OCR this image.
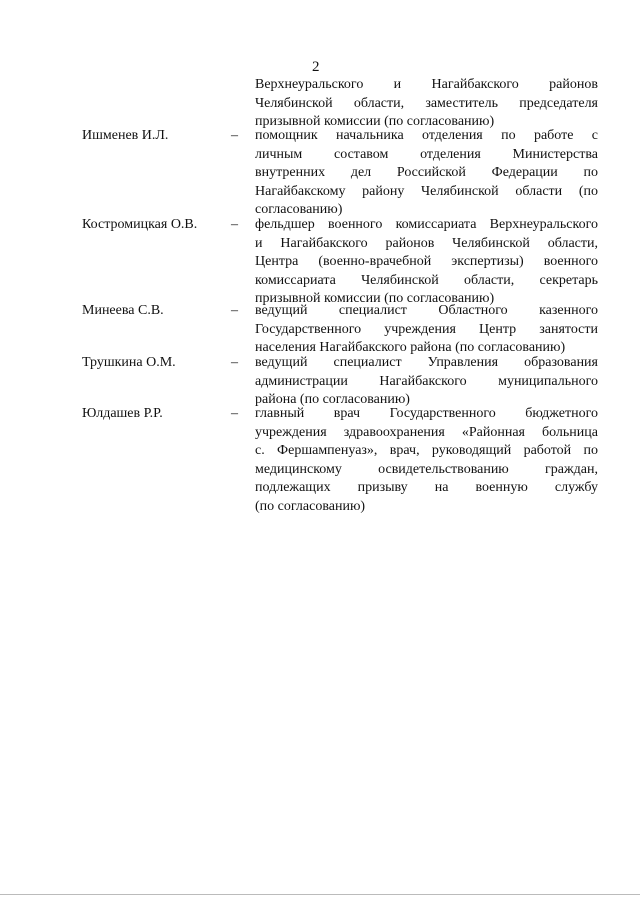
2
Верхнеуральского и Нагайбакского районов
Челябинской области, заместитель председателя
призывной комиссии (по согласованию)
Ишменев И.Л.	– помощник начальника отделения по работе с
личным составом отделения Министерства
внутренних дел Российской Федерации по
Нагайбакскому району Челябинской области (по
согласованию)
Костромицкая О.В. – фельдшер военного комиссариата Верхнеуральского
и Нагайбакского районов Челябинской области,
Центра (военно-врачебной экспертизы) военного
комиссариата Челябинской области, секретарь
призывной комиссии (по согласованию)
Минеева С.В.	– ведущий специалист Областного казенного
Государственного учреждения Центр занятости
населения Нагайбакского района (по согласованию)
Трушкина О.М.	– ведущий специалист Управления образования
администрации Нагайбакского муниципального
района (по согласованию)
Юлдашев Р.Р.	– главный врач Государственного бюджетного
учреждения здравоохранения «Районная больница
с. Фершампенуаз», врач, руководящий работой по
медицинскому освидетельствованию граждан,
подлежащих призыву на военную службу
(по согласованию)
